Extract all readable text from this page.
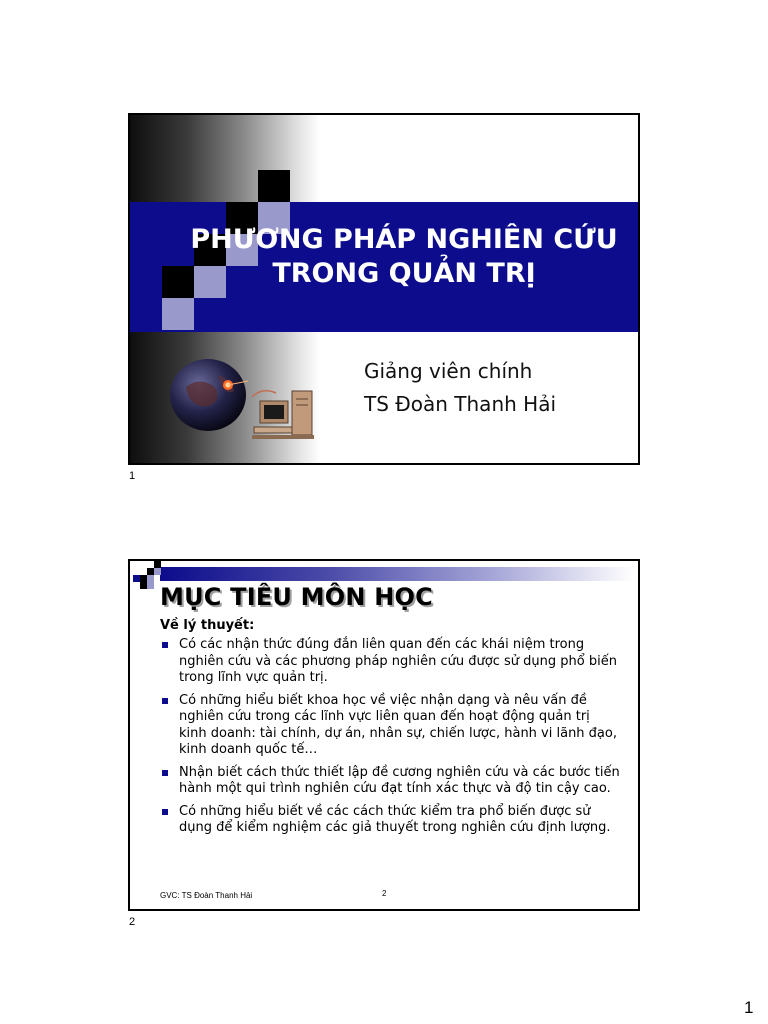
PHƯƠNG PHÁP NGHIÊN CỨU
TRONG QUẢN TRỊ
Giảng viên chính
TS Đoàn Thanh Hải
1
MỤC TIÊU MÔN HỌC
Về lý thuyết:
Có các nhận thức đúng đắn liên quan đến các khái niệm trong nghiên cứu và các phương pháp nghiên cứu được sử dụng phổ biến trong lĩnh vực quản trị.
Có những hiểu biết khoa học về việc nhận dạng và nêu vấn đề nghiên cứu trong các lĩnh vực liên quan đến hoạt động quản trị kinh doanh: tài chính, dự án, nhân sự, chiến lược, hành vi lãnh đạo, kinh doanh quốc tế…
Nhận biết cách thức thiết lập đề cương nghiên cứu và các bước tiến hành một qui trình nghiên cứu đạt tính xác thực và độ tin cậy cao.
Có những hiểu biết về các cách thức kiểm tra phổ biến được sử dụng để kiểm nghiệm các giả thuyết trong nghiên cứu định lượng.
GVC: TS Đoàn Thanh Hải	2
2
1
